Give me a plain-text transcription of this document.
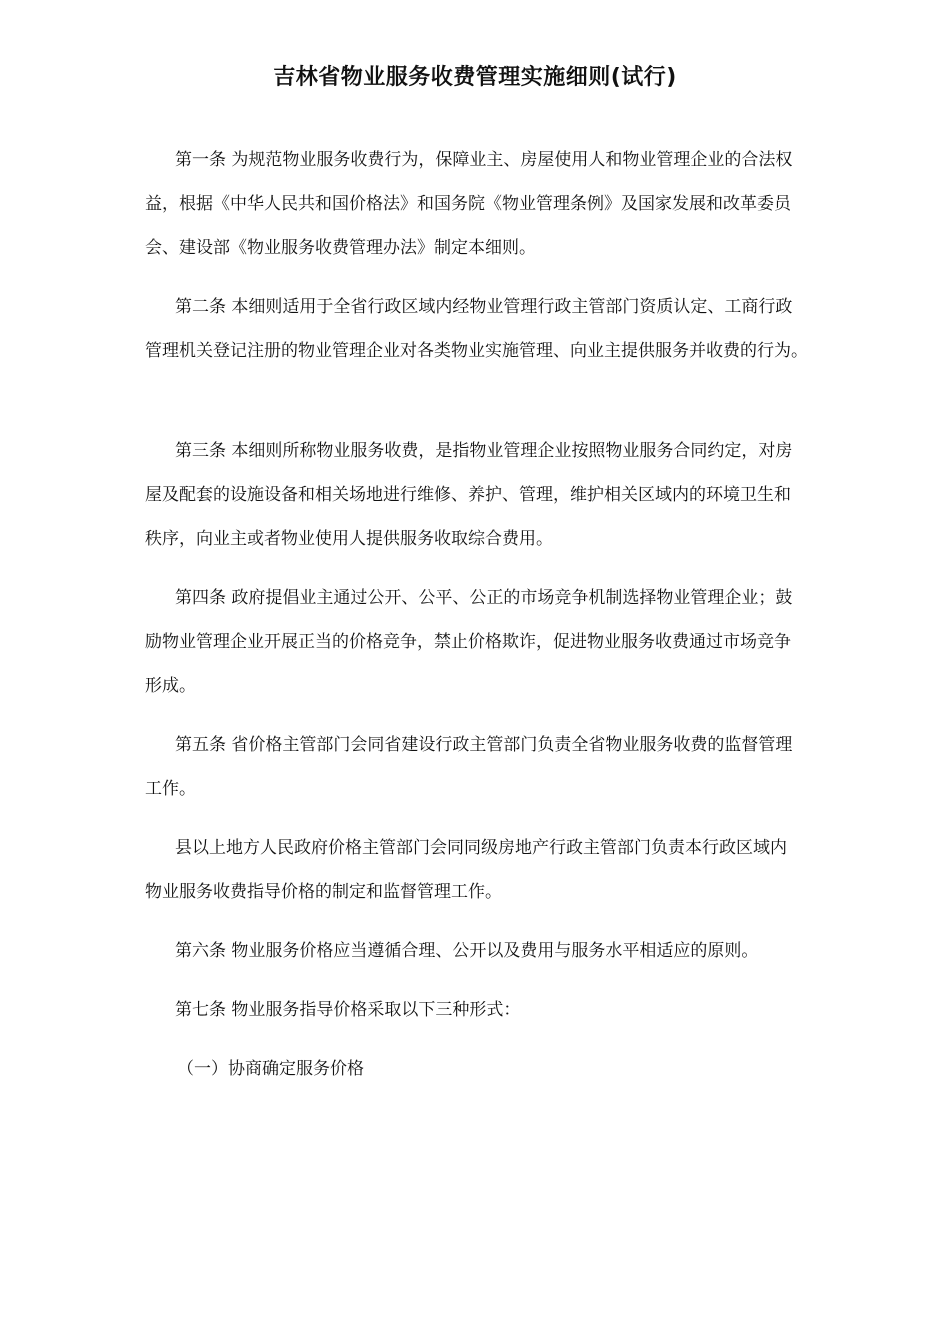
吉林省物业服务收费管理实施细则(试行)

第一条 为规范物业服务收费行为，保障业主、房屋使用人和物业管理企业的合法权
益，根据《中华人民共和国价格法》和国务院《物业管理条例》及国家发展和改革委员
会、建设部《物业服务收费管理办法》制定本细则。

第二条 本细则适用于全省行政区域内经物业管理行政主管部门资质认定、工商行政
管理机关登记注册的物业管理企业对各类物业实施管理、向业主提供服务并收费的行为。

第三条 本细则所称物业服务收费，是指物业管理企业按照物业服务合同约定，对房
屋及配套的设施设备和相关场地进行维修、养护、管理，维护相关区域内的环境卫生和
秩序，向业主或者物业使用人提供服务收取综合费用。

第四条 政府提倡业主通过公开、公平、公正的市场竞争机制选择物业管理企业；鼓
励物业管理企业开展正当的价格竞争，禁止价格欺诈，促进物业服务收费通过市场竞争
形成。

第五条 省价格主管部门会同省建设行政主管部门负责全省物业服务收费的监督管理
工作。

县以上地方人民政府价格主管部门会同同级房地产行政主管部门负责本行政区域内
物业服务收费指导价格的制定和监督管理工作。

第六条 物业服务价格应当遵循合理、公开以及费用与服务水平相适应的原则。

第七条 物业服务指导价格采取以下三种形式：

（一）协商确定服务价格
